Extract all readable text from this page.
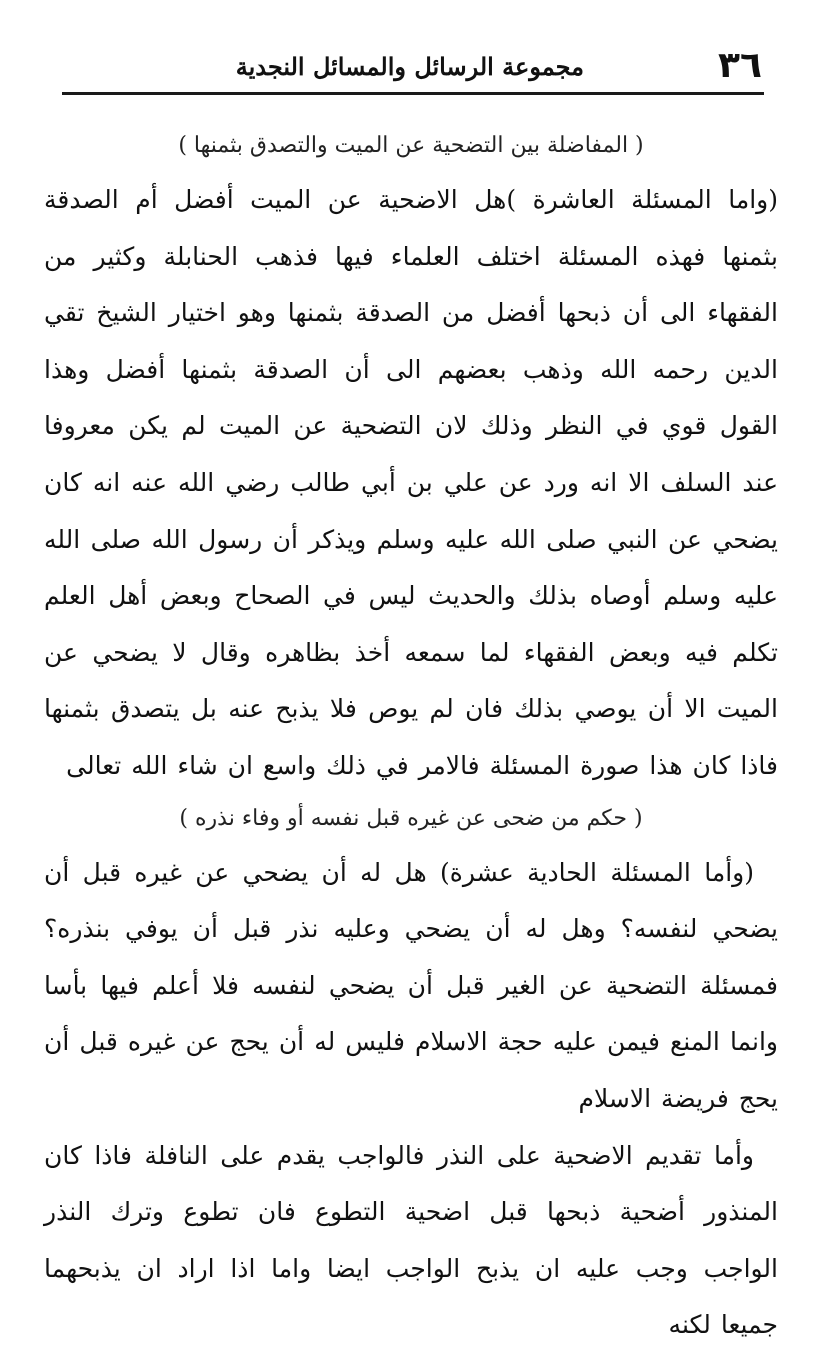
٣٦
مجموعة الرسائل والمسائل النجدية
( المفاضلة بين التضحية عن الميت والتصدق بثمنها )

(واما المسئلة العاشرة )هل الاضحية عن الميت أفضل أم الصدقة بثمنها فهذه المسئلة اختلف العلماء فيها فذهب الحنابلة وكثير من الفقهاء الى أن ذبحها أفضل من الصدقة بثمنها وهو اختيار الشيخ تقي الدين رحمه الله وذهب بعضهم الى أن الصدقة بثمنها أفضل وهذا القول قوي في النظر وذلك لان التضحية عن الميت لم يكن معروفا عند السلف الا انه ورد عن علي بن أبي طالب رضي الله عنه انه كان يضحي عن النبي صلى الله عليه وسلم ويذكر أن رسول الله صلى الله عليه وسلم أوصاه بذلك والحديث ليس في الصحاح وبعض أهل العلم تكلم فيه وبعض الفقهاء لما سمعه أخذ بظاهره وقال لا يضحي عن الميت الا أن يوصي بذلك فان لم يوص فلا يذبح عنه بل يتصدق بثمنها فاذا كان هذا صورة المسئلة فالامر في ذلك واسع ان شاء الله تعالى

( حكم من ضحى عن غيره قبل نفسه أو وفاء نذره )

(وأما المسئلة الحادية عشرة) هل له أن يضحي عن غيره قبل أن يضحي لنفسه؟ وهل له أن يضحي وعليه نذر قبل أن يوفي بنذره؟ فمسئلة التضحية عن الغير قبل أن يضحي لنفسه فلا أعلم فيها بأسا وانما المنع فيمن عليه حجة الاسلام فليس له أن يحج عن غيره قبل أن يحج فريضة الاسلام

وأما تقديم الاضحية على النذر فالواجب يقدم على النافلة فاذا كان المنذور أضحية ذبحها قبل اضحية التطوع فان تطوع وترك النذر الواجب وجب عليه ان يذبح الواجب ايضا واما اذا اراد ان يذبحهما جميعا لكنه
